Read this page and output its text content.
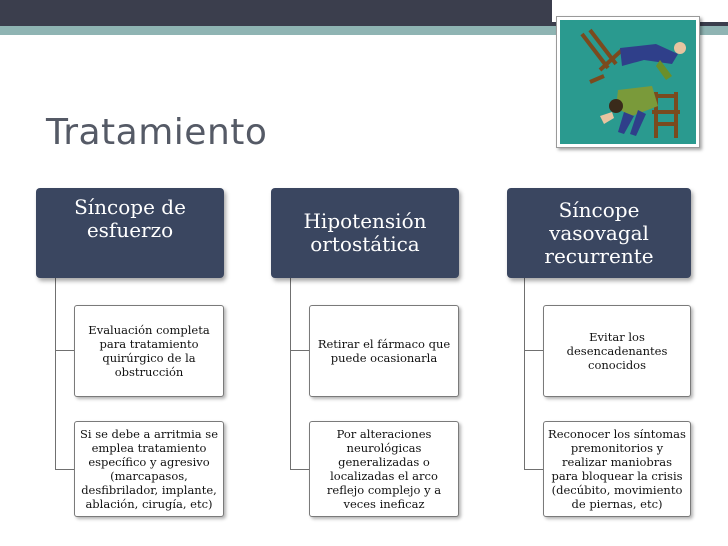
Tratamiento
Síncope de esfuerzo
Evaluación completa para tratamiento quirúrgico de la obstrucción
Si se debe a arritmia se emplea tratamiento específico y agresivo (marcapasos, desfibrilador, implante, ablación, cirugía, etc)
Hipotensión ortostática
Retirar el fármaco que puede ocasionarla
Por alteraciones neurológicas generalizadas o localizadas el arco reflejo complejo y a veces ineficaz
Síncope vasovagal recurrente
Evitar los desencadenantes conocidos
Reconocer los síntomas premonitorios y realizar maniobras para bloquear la crisis (decúbito, movimiento de piernas, etc)
